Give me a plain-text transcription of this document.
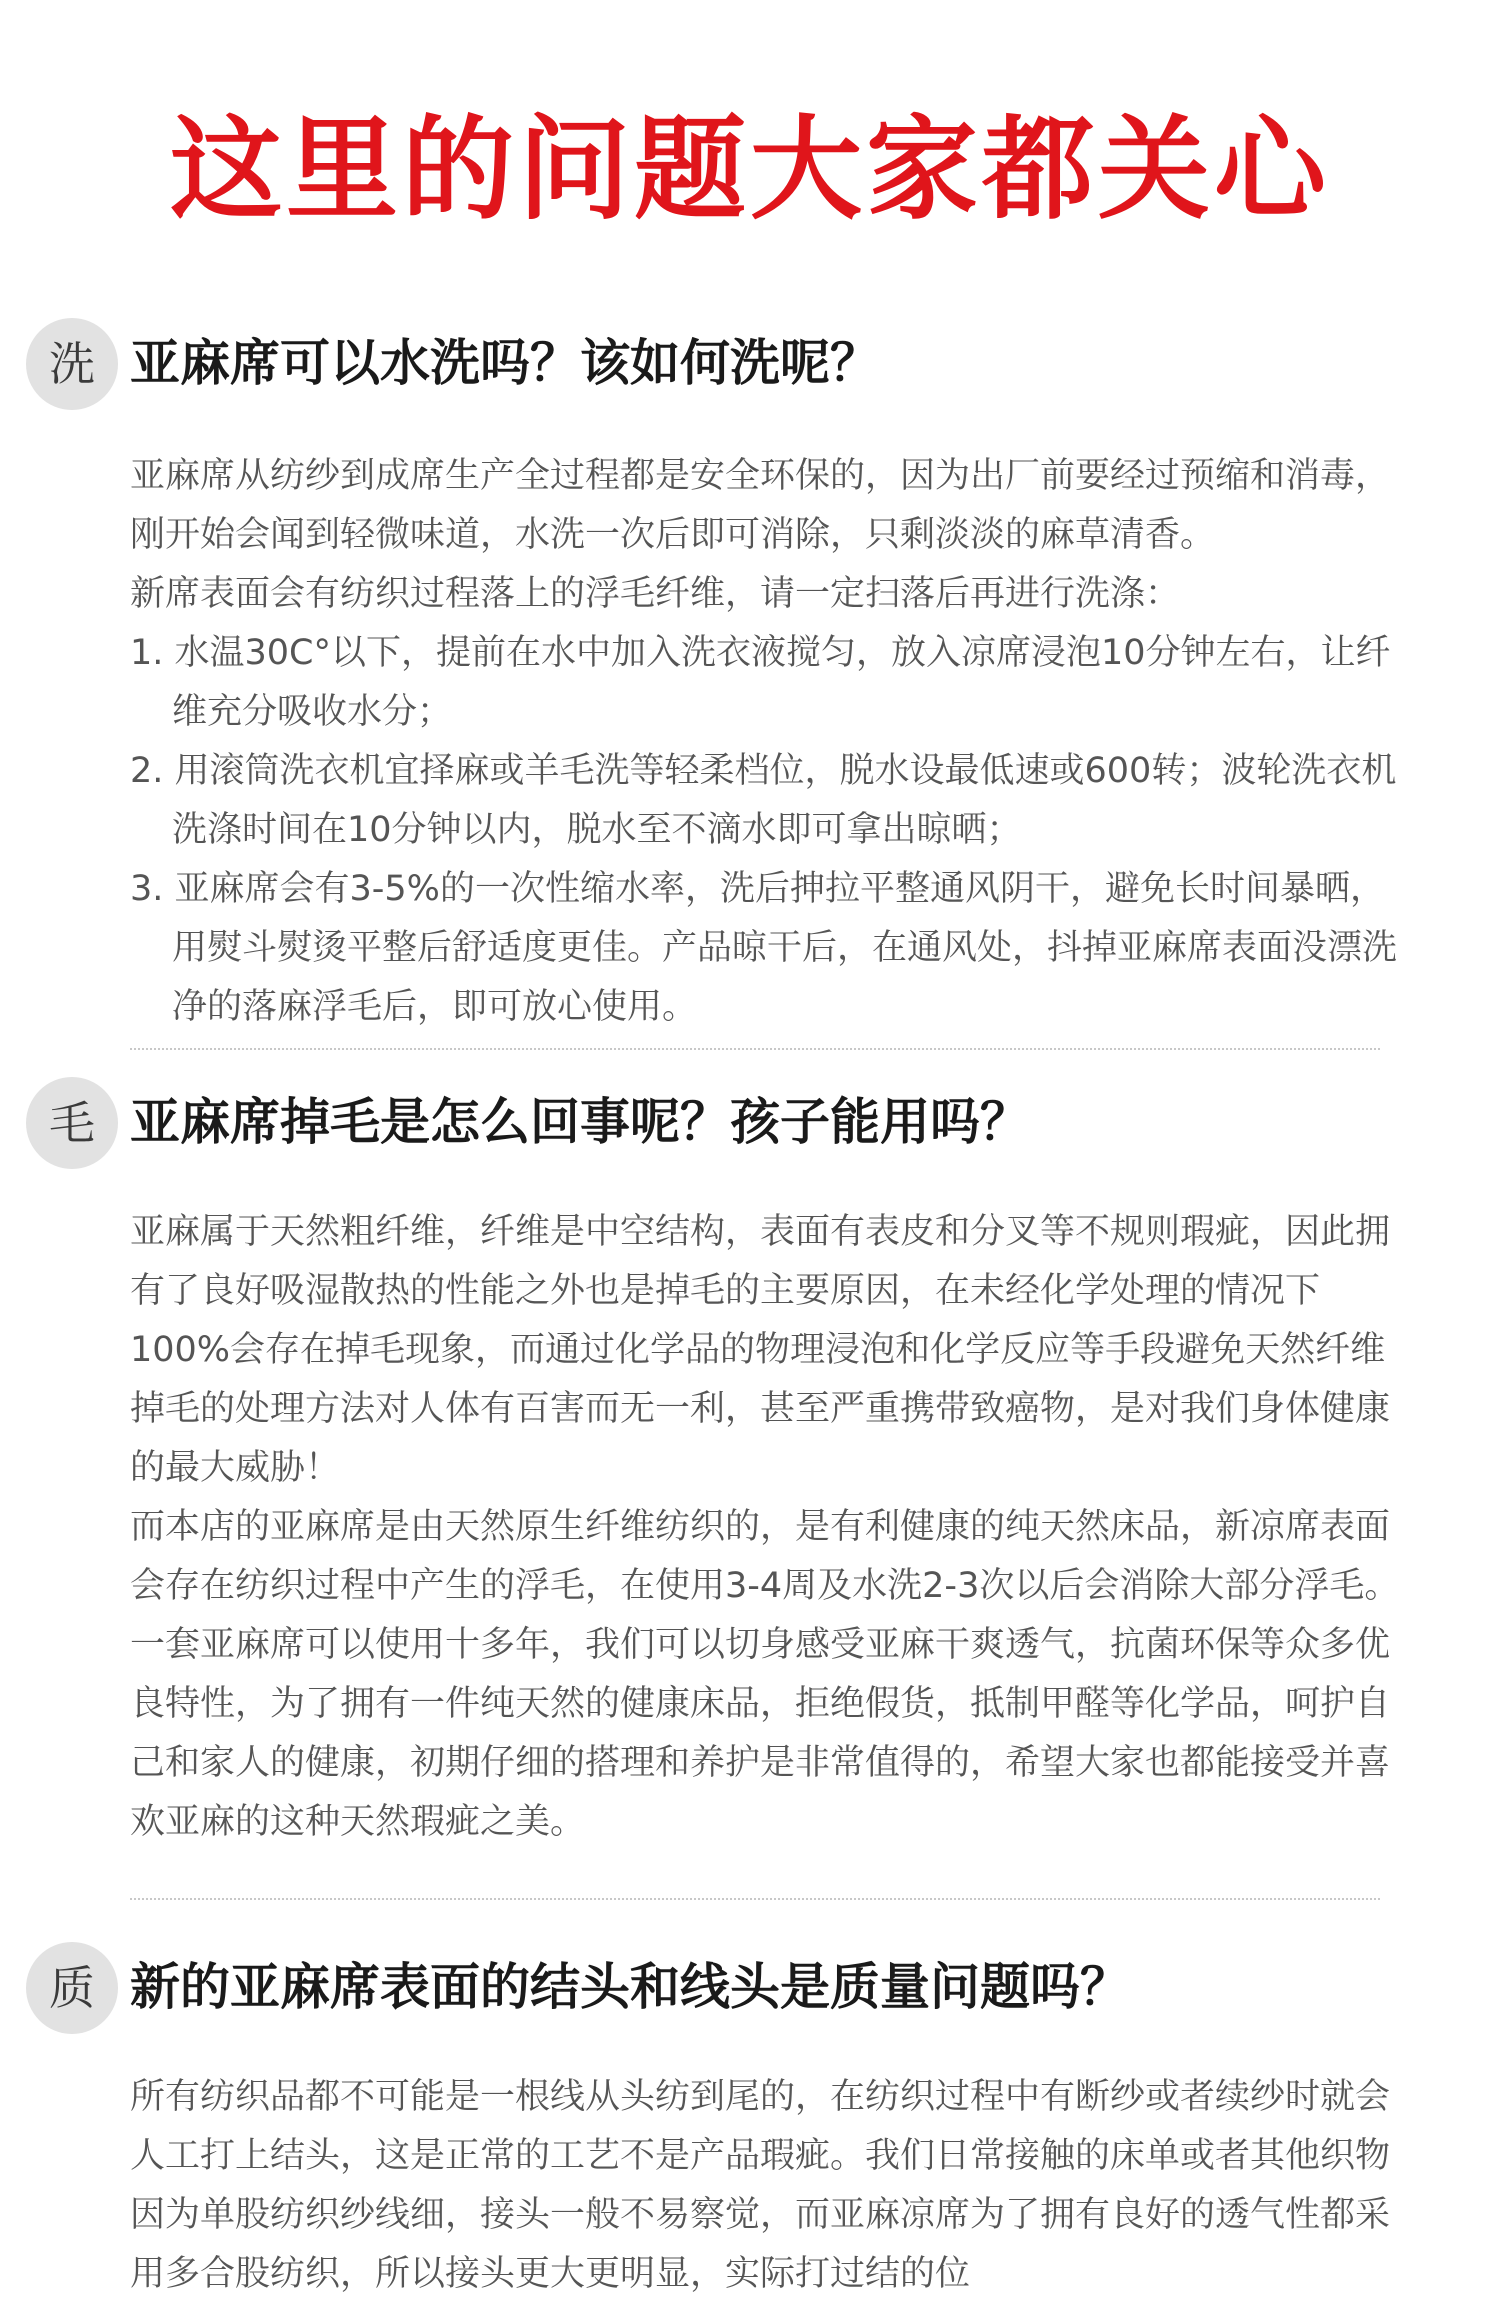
这里的问题大家都关心
洗 亚麻席可以水洗吗？该如何洗呢？

亚麻席从纺纱到成席生产全过程都是安全环保的，因为出厂前要经过预缩和消毒，刚开始会闻到轻微味道，水洗一次后即可消除，只剩淡淡的麻草清香。

新席表面会有纺织过程落上的浮毛纤维，请一定扫落后再进行洗涤：

1. 水温30C°以下，提前在水中加入洗衣液搅匀，放入凉席浸泡10分钟左右，让纤维充分吸收水分；

2. 用滚筒洗衣机宜择麻或羊毛洗等轻柔档位，脱水设最低速或600转；波轮洗衣机洗涤时间在10分钟以内，脱水至不滴水即可拿出晾晒；

3. 亚麻席会有3-5%的一次性缩水率，洗后抻拉平整通风阴干，避免长时间暴晒，用熨斗熨烫平整后舒适度更佳。产品晾干后，在通风处，抖掉亚麻席表面没漂洗净的落麻浮毛后，即可放心使用。

毛 亚麻席掉毛是怎么回事呢？孩子能用吗？

亚麻属于天然粗纤维，纤维是中空结构，表面有表皮和分叉等不规则瑕疵，因此拥有了良好吸湿散热的性能之外也是掉毛的主要原因，在未经化学处理的情况下100%会存在掉毛现象，而通过化学品的物理浸泡和化学反应等手段避免天然纤维掉毛的处理方法对人体有百害而无一利，甚至严重携带致癌物，是对我们身体健康的最大威胁！

而本店的亚麻席是由天然原生纤维纺织的，是有利健康的纯天然床品，新凉席表面会存在纺织过程中产生的浮毛，在使用3-4周及水洗2-3次以后会消除大部分浮毛。一套亚麻席可以使用十多年，我们可以切身感受亚麻干爽透气，抗菌环保等众多优良特性，为了拥有一件纯天然的健康床品，拒绝假货，抵制甲醛等化学品，呵护自己和家人的健康，初期仔细的搭理和养护是非常值得的，希望大家也都能接受并喜欢亚麻的这种天然瑕疵之美。

质 新的亚麻席表面的结头和线头是质量问题吗？

所有纺织品都不可能是一根线从头纺到尾的，在纺织过程中有断纱或者续纱时就会人工打上结头，这是正常的工艺不是产品瑕疵。我们日常接触的床单或者其他织物因为单股纺织纱线细，接头一般不易察觉，而亚麻凉席为了拥有良好的透气性都采用多合股纺织，所以接头更大更明显，实际打过结的位
